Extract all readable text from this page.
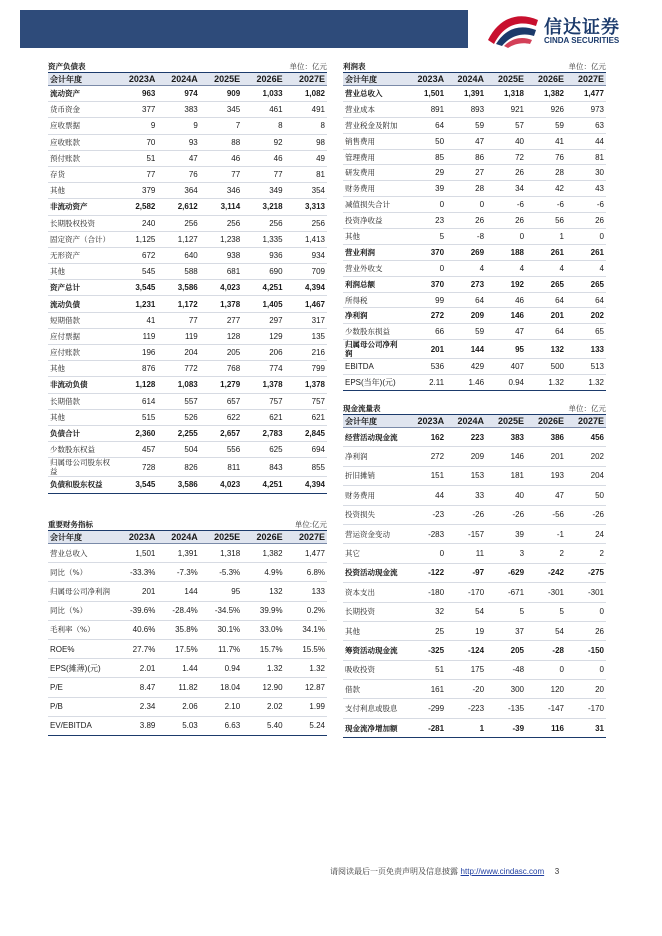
信达证券
CINDA SECURITIES
资产负债表	单位：亿元
会计年度	2023A	2024A	2025E	2026E	2027E
流动资产	963	974	909	1,033	1,082
货币资金	377	383	345	461	491
应收票据	9	9	7	8	8
应收账款	70	93	88	92	98
预付账款	51	47	46	46	49
存货	77	76	77	77	81
其他	379	364	346	349	354
非流动资产	2,582	2,612	3,114	3,218	3,313
长期股权投资	240	256	256	256	256
固定资产（合计）	1,125	1,127	1,238	1,335	1,413
无形资产	672	640	938	936	934
其他	545	588	681	690	709
资产总计	3,545	3,586	4,023	4,251	4,394
流动负债	1,231	1,172	1,378	1,405	1,467
短期借款	41	77	277	297	317
应付票据	119	119	128	129	135
应付账款	196	204	205	206	216
其他	876	772	768	774	799
非流动负债	1,128	1,083	1,279	1,378	1,378
长期借款	614	557	657	757	757
其他	515	526	622	621	621
负债合计	2,360	2,255	2,657	2,783	2,845
少数股东权益	457	504	556	625	694
归属母公司股东权益	728	826	811	843	855
负债和股东权益	3,545	3,586	4,023	4,251	4,394
重要财务指标	单位:亿元
会计年度	2023A	2024A	2025E	2026E	2027E
营业总收入	1,501	1,391	1,318	1,382	1,477
同比（%）	-33.3%	-7.3%	-5.3%	4.9%	6.8%
归属母公司净利润	201	144	95	132	133
同比（%）	-39.6%	-28.4%	-34.5%	39.9%	0.2%
毛利率（%）	40.6%	35.8%	30.1%	33.0%	34.1%
ROE%	27.7%	17.5%	11.7%	15.7%	15.5%
EPS(摊薄)(元)	2.01	1.44	0.94	1.32	1.32
P/E	8.47	11.82	18.04	12.90	12.87
P/B	2.34	2.06	2.10	2.02	1.99
EV/EBITDA	3.89	5.03	6.63	5.40	5.24
利润表	单位：亿元
会计年度	2023A	2024A	2025E	2026E	2027E
营业总收入	1,501	1,391	1,318	1,382	1,477
营业成本	891	893	921	926	973
营业税金及附加	64	59	57	59	63
销售费用	50	47	40	41	44
管理费用	85	86	72	76	81
研发费用	29	27	26	28	30
财务费用	39	28	34	42	43
减值损失合计	0	0	-6	-6	-6
投资净收益	23	26	26	56	26
其他	5	-8	0	1	0
营业利润	370	269	188	261	261
营业外收支	0	4	4	4	4
利润总额	370	273	192	265	265
所得税	99	64	46	64	64
净利润	272	209	146	201	202
少数股东损益	66	59	47	64	65
归属母公司净利润	201	144	95	132	133
EBITDA	536	429	407	500	513
EPS(当年)(元)	2.11	1.46	0.94	1.32	1.32
现金流量表	单位：亿元
会计年度	2023A	2024A	2025E	2026E	2027E
经营活动现金流	162	223	383	386	456
净利润	272	209	146	201	202
折旧摊销	151	153	181	193	204
财务费用	44	33	40	47	50
投资损失	-23	-26	-26	-56	-26
营运资金变动	-283	-157	39	-1	24
其它	0	11	3	2	2
投资活动现金流	-122	-97	-629	-242	-275
资本支出	-180	-170	-671	-301	-301
长期投资	32	54	5	5	0
其他	25	19	37	54	26
筹资活动现金流	-325	-124	205	-28	-150
吸收投资	51	175	-48	0	0
借款	161	-20	300	120	20
支付利息或股息	-299	-223	-135	-147	-170
现金流净增加额	-281	1	-39	116	31
请阅读最后一页免责声明及信息披露 http://www.cindasc.com 3
